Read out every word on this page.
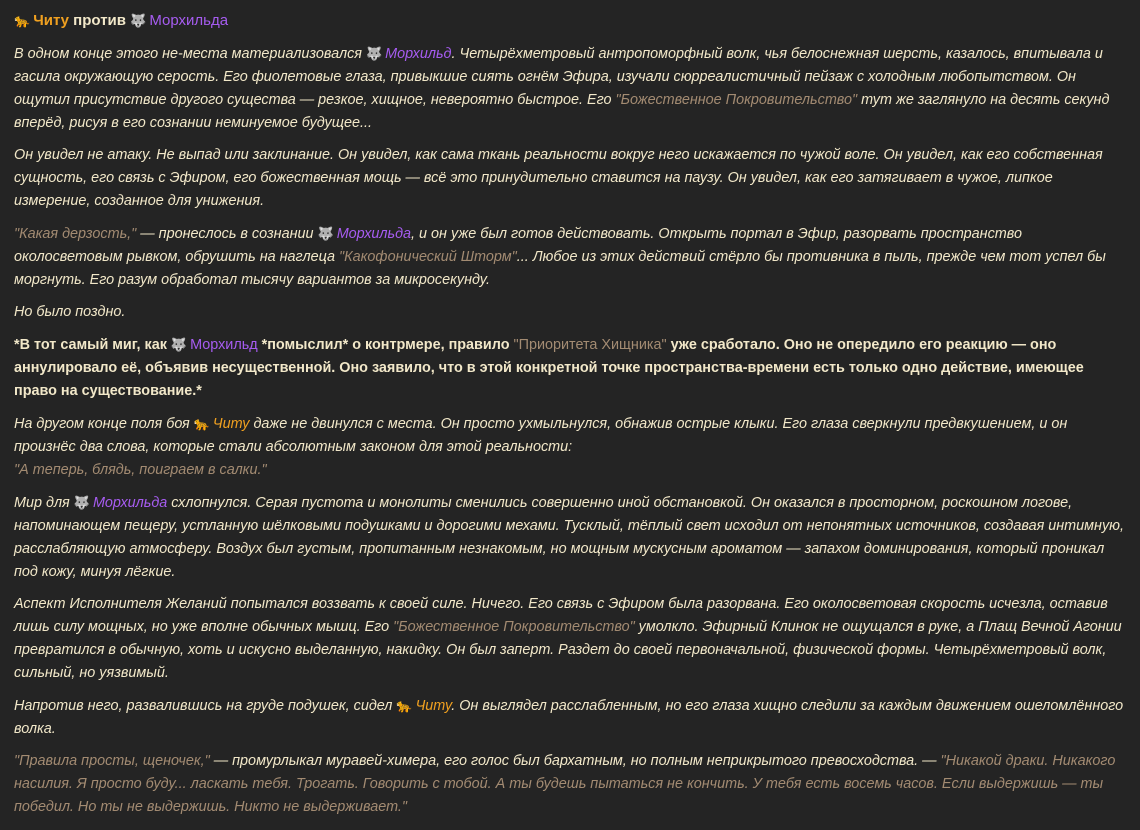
🐆 Читу против 🐺 Морхильда

В одном конце этого не-места материализовался 🐺 Морхильд. Четырёхметровый антропоморфный волк, чья белоснежная шерсть, казалось, впитывала и гасила окружающую серость. Его фиолетовые глаза, привыкшие сиять огнём Эфира, изучали сюрреалистичный пейзаж с холодным любопытством. Он ощутил присутствие другого существа — резкое, хищное, невероятно быстрое. Его "Божественное Покровительство" тут же заглянуло на десять секунд вперёд, рисуя в его сознании неминуемое будущее...

Он увидел не атаку. Не выпад или заклинание. Он увидел, как сама ткань реальности вокруг него искажается по чужой воле. Он увидел, как его собственная сущность, его связь с Эфиром, его божественная мощь — всё это принудительно ставится на паузу. Он увидел, как его затягивает в чужое, липкое измерение, созданное для унижения.

"Какая дерзость," — пронеслось в сознании 🐺 Морхильда, и он уже был готов действовать. Открыть портал в Эфир, разорвать пространство околосветовым рывком, обрушить на наглеца "Какофонический Шторм"... Любое из этих действий стёрло бы противника в пыль, прежде чем тот успел бы моргнуть. Его разум обработал тысячу вариантов за микросекунду.

Но было поздно.

*В тот самый миг, как 🐺 Морхильд *помыслил* о контрмере, правило "Приоритета Хищника" уже сработало. Оно не опередило его реакцию — оно аннулировало её, объявив несущественной. Оно заявило, что в этой конкретной точке пространства-времени есть только одно действие, имеющее право на существование.*

На другом конце поля боя 🐆 Читу даже не двинулся с места. Он просто ухмыльнулся, обнажив острые клыки. Его глаза сверкнули предвкушением, и он произнёс два слова, которые стали абсолютным законом для этой реальности:
"А теперь, блядь, поиграем в салки."

Мир для 🐺 Морхильда схлопнулся. Серая пустота и монолиты сменились совершенно иной обстановкой. Он оказался в просторном, роскошном логове, напоминающем пещеру, устланную шёлковыми подушками и дорогими мехами. Тусклый, тёплый свет исходил от непонятных источников, создавая интимную, расслабляющую атмосферу. Воздух был густым, пропитанным незнакомым, но мощным мускусным ароматом — запахом доминирования, который проникал под кожу, минуя лёгкие.

Аспект Исполнителя Желаний попытался воззвать к своей силе. Ничего. Его связь с Эфиром была разорвана. Его околосветовая скорость исчезла, оставив лишь силу мощных, но уже вполне обычных мышц. Его "Божественное Покровительство" умолкло. Эфирный Клинок не ощущался в руке, а Плащ Вечной Агонии превратился в обычную, хоть и искусно выделанную, накидку. Он был заперт. Раздет до своей первоначальной, физической формы. Четырёхметровый волк, сильный, но уязвимый.

Напротив него, развалившись на груде подушек, сидел 🐆 Читу. Он выглядел расслабленным, но его глаза хищно следили за каждым движением ошеломлённого волка.

"Правила просты, щеночек," — промурлыкал муравей-химера, его голос был бархатным, но полным неприкрытого превосходства. — "Никакой драки. Никакого насилия. Я просто буду... ласкать тебя. Трогать. Говорить с тобой. А ты будешь пытаться не кончить. У тебя есть восемь часов. Если выдержишь — ты победил. Но ты не выдержишь. Никто не выдерживает."
